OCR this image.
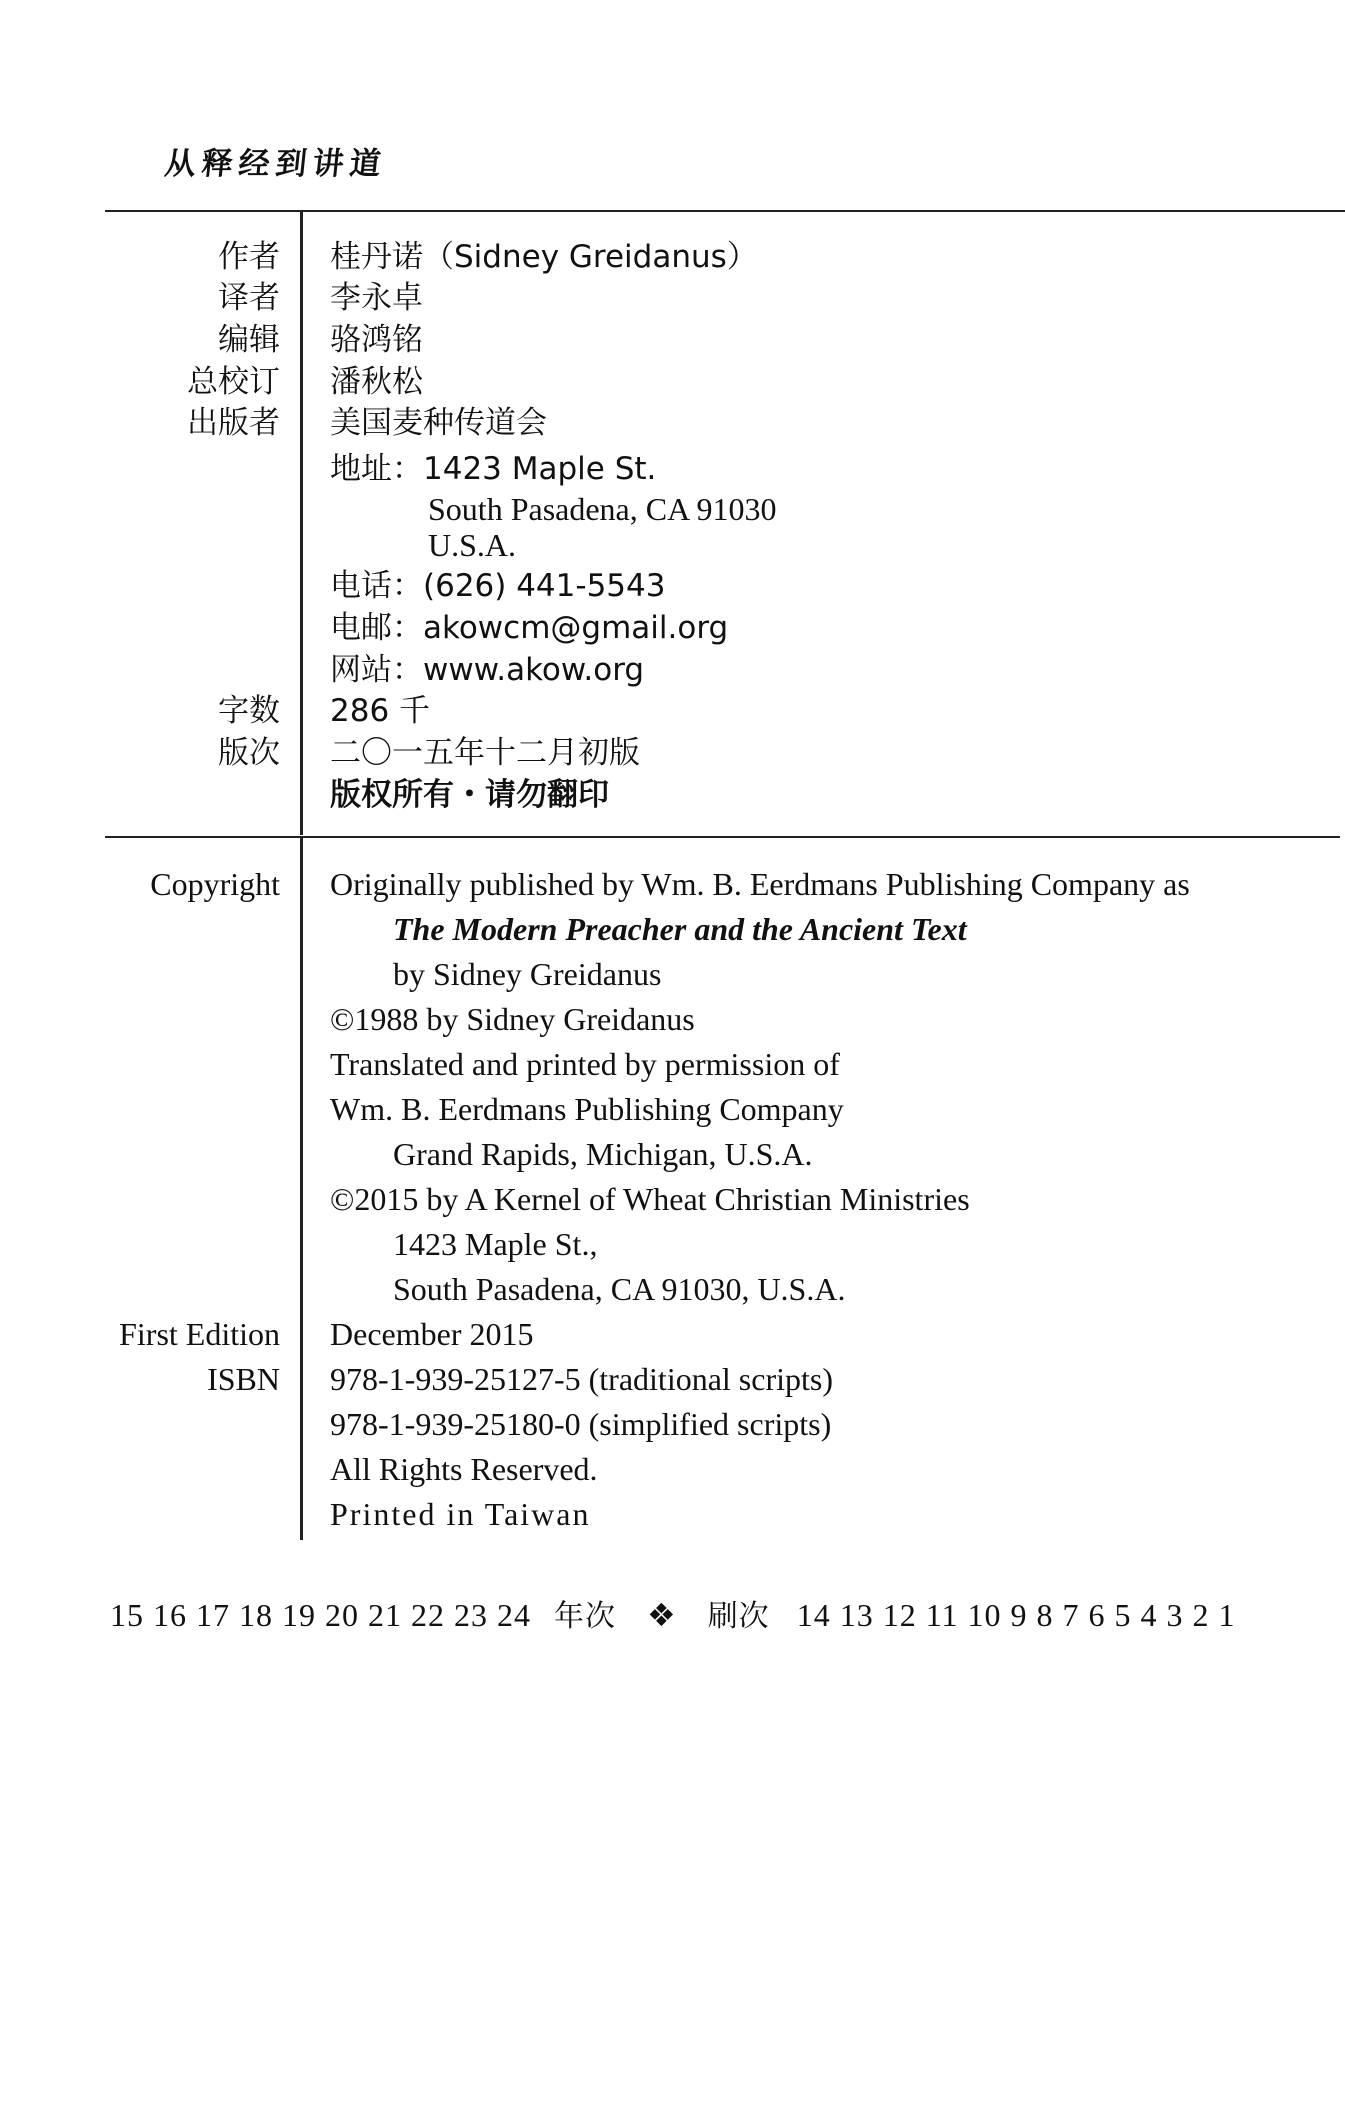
从释经到讲道
作者 桂丹诺（Sidney Greidanus）
译者 李永卓
编辑 骆鸿铭
总校订 潘秋松
出版者 美国麦种传道会
地址：1423 Maple St.
South Pasadena, CA 91030
U.S.A.
电话：(626) 441-5543
电邮：akowcm@gmail.org
网站：www.akow.org
字数 286 千
版次 二〇一五年十二月初版
版权所有・请勿翻印
Copyright Originally published by Wm. B. Eerdmans Publishing Company as
The Modern Preacher and the Ancient Text
by Sidney Greidanus
©1988 by Sidney Greidanus
Translated and printed by permission of
Wm. B. Eerdmans Publishing Company
Grand Rapids, Michigan, U.S.A.
©2015 by A Kernel of Wheat Christian Ministries
1423 Maple St.,
South Pasadena, CA 91030, U.S.A.
First Edition December 2015
ISBN 978-1-939-25127-5 (traditional scripts)
978-1-939-25180-0 (simplified scripts)
All Rights Reserved.
Printed in Taiwan
15 16 17 18 19 20 21 22 23 24 年次 ❖ 刷次 14 13 12 11 10 9 8 7 6 5 4 3 2 1
